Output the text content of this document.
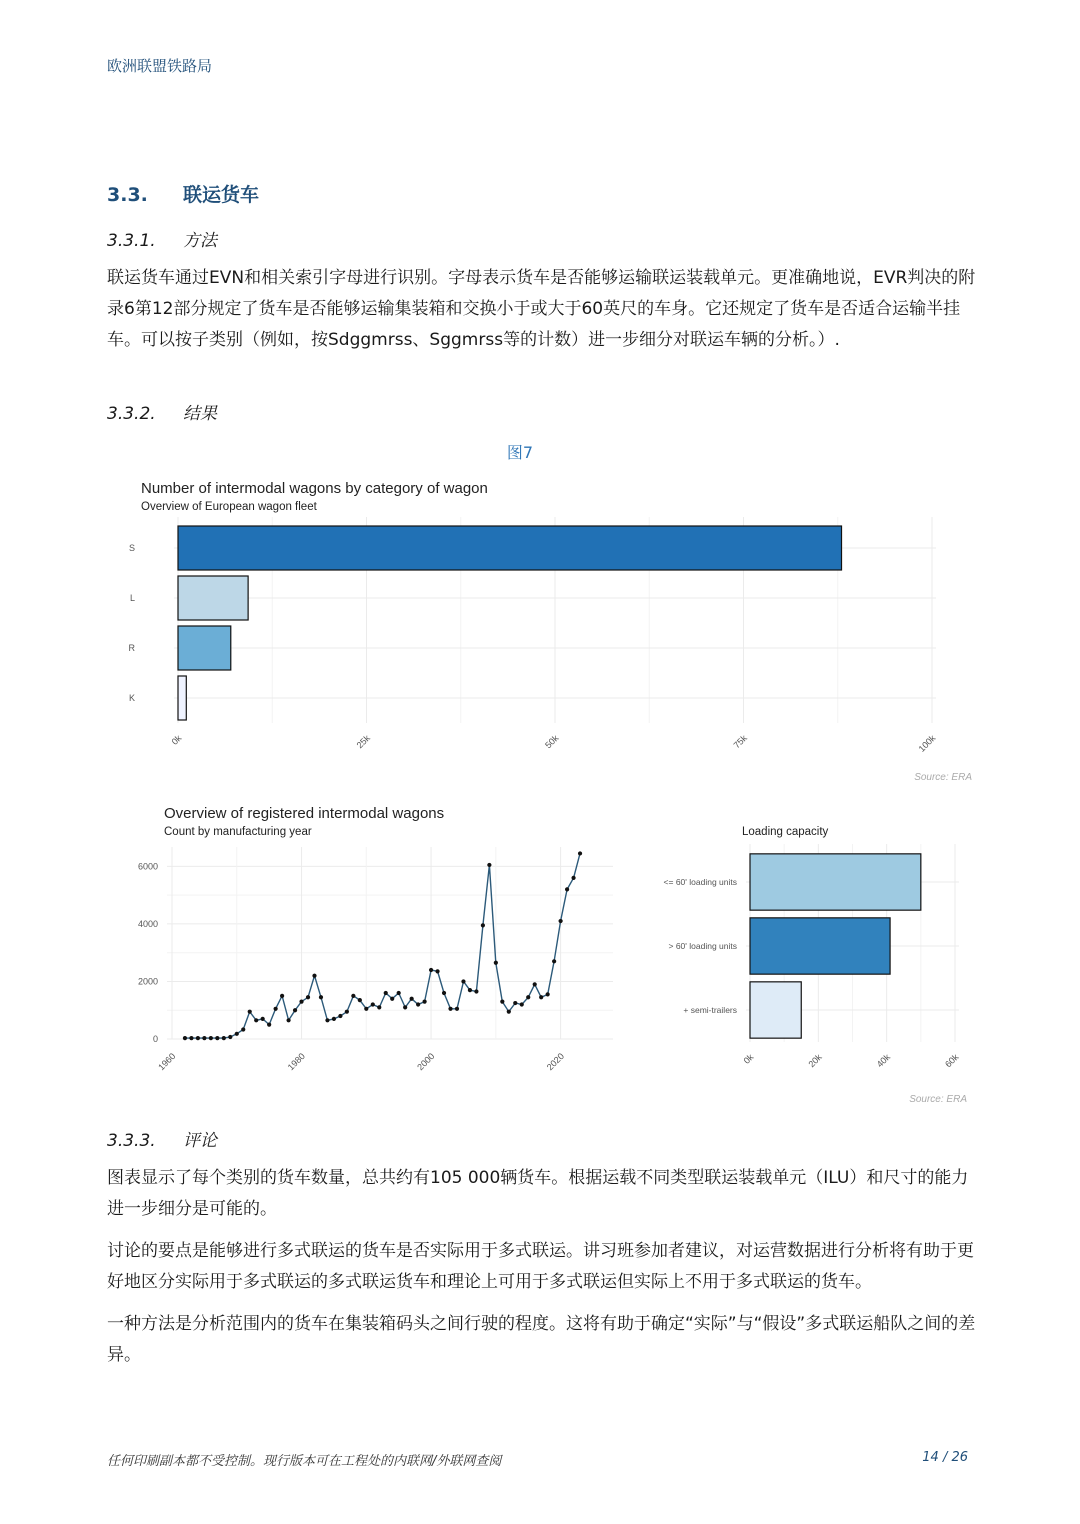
欧洲联盟铁路局
3.3. 联运货车
3.3.1. 方法
联运货车通过EVN和相关索引字母进行识别。字母表示货车是否能够运输联运装载单元。更准确地说，EVR判决的附录6第12部分规定了货车是否能够运输集装箱和交换小于或大于60英尺的车身。它还规定了货车是否适合运输半挂车。可以按子类别（例如，按Sdggmrss、Sggmrss等的计数）进一步细分对联运车辆的分析。）.
3.3.2. 结果
图7
Number of intermodal wagons by category of wagon
Overview of European wagon fleet
S
L
R
K
0k	25k	50k	75k	100k
Source: ERA
Overview of registered intermodal wagons
Count by manufacturing year
0
2000
4000
6000
1960	1980	2000	2020
Loading capacity
<= 60' loading units
> 60' loading units
+ semi-trailers
0k	20k	40k	60k
Source: ERA
3.3.3. 评论
图表显示了每个类别的货车数量，总共约有105 000辆货车。根据运载不同类型联运装载单元（ILU）和尺寸的能力进一步细分是可能的。
讨论的要点是能够进行多式联运的货车是否实际用于多式联运。讲习班参加者建议，对运营数据进行分析将有助于更好地区分实际用于多式联运的多式联运货车和理论上可用于多式联运但实际上不用于多式联运的货车。
一种方法是分析范围内的货车在集装箱码头之间行驶的程度。这将有助于确定“实际”与“假设”多式联运船队之间的差异。
任何印刷副本都不受控制。现行版本可在工程处的内联网/外联网查阅	14 / 26
